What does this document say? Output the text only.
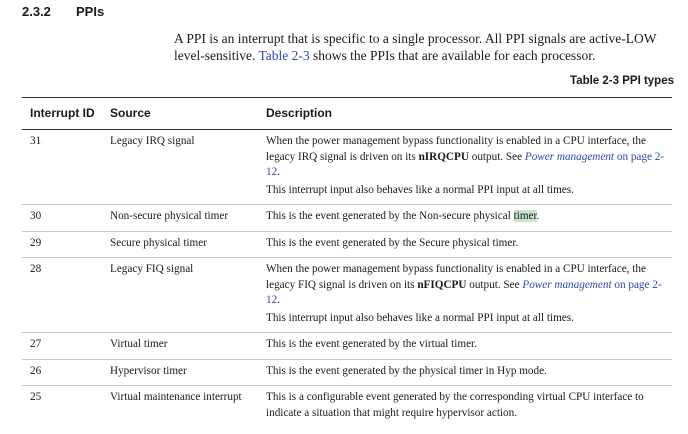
2.3.2 PPIs
A PPI is an interrupt that is specific to a single processor. All PPI signals are active-LOW level-sensitive. Table 2-3 shows the PPIs that are available for each processor.
Table 2-3 PPI types
Interrupt ID	Source	Description
31	Legacy IRQ signal	When the power management bypass functionality is enabled in a CPU interface, the legacy IRQ signal is driven on its nIRQCPU output. See Power management on page 2-12.
This interrupt input also behaves like a normal PPI input at all times.

30	Non-secure physical timer	This is the event generated by the Non-secure physical timer.
29	Secure physical timer	This is the event generated by the Secure physical timer.
28	Legacy FIQ signal	When the power management bypass functionality is enabled in a CPU interface, the legacy FIQ signal is driven on its nFIQCPU output. See Power management on page 2-12.
This interrupt input also behaves like a normal PPI input at all times.

27	Virtual timer	This is the event generated by the virtual timer.
26	Hypervisor timer	This is the event generated by the physical timer in Hyp mode.
25	Virtual maintenance interrupt	This is a configurable event generated by the corresponding virtual CPU interface to indicate a situation that might require hypervisor action.
